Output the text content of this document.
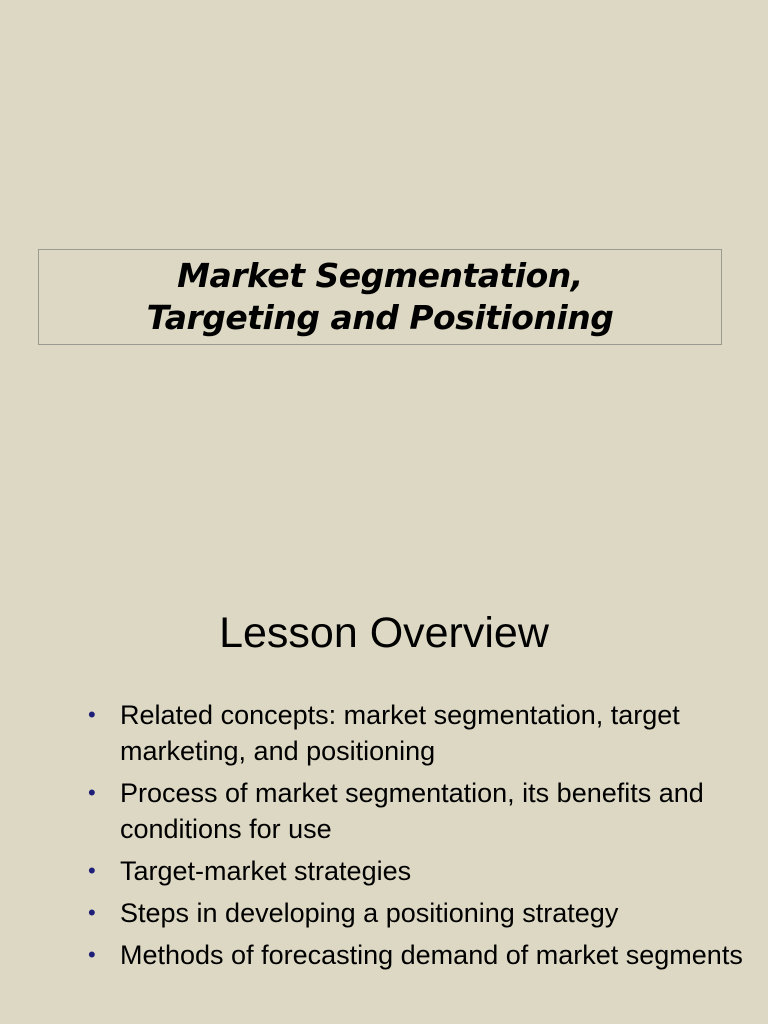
Market Segmentation,
Targeting and Positioning
Lesson Overview
• Related concepts: market segmentation, target marketing, and positioning
• Process of market segmentation, its benefits and conditions for use
• Target-market strategies
• Steps in developing a positioning strategy
• Methods of forecasting demand of market segments
